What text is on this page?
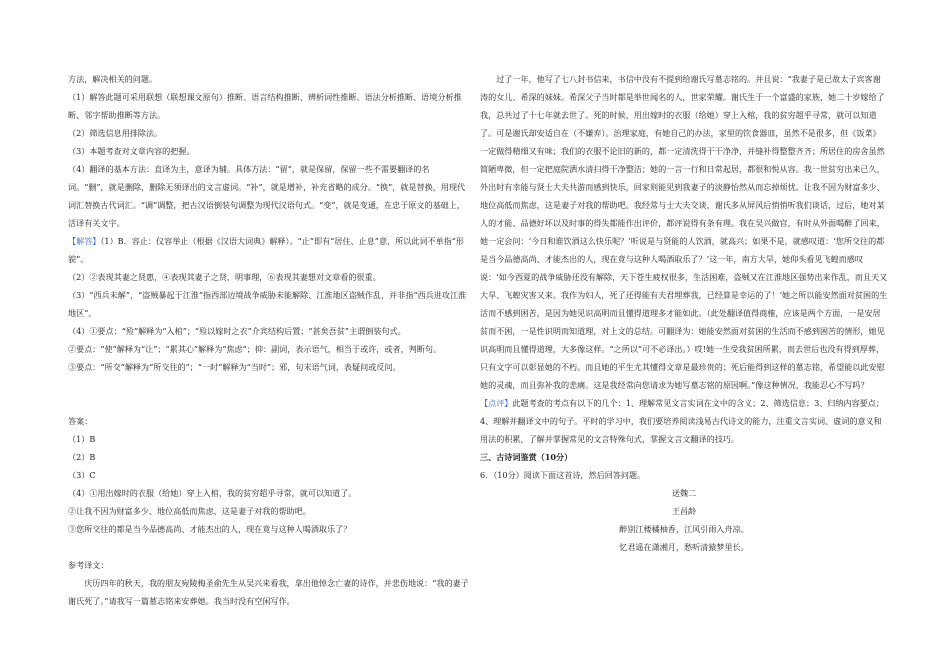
方法，解决相关的问题。

（1）解答此题可采用联想（联想课文原句）推断、语言结构推断、辨析词性推断、语法分析推断、语境分析推断、邻字帮助推断等方法。

（2）筛选信息用排除法。

（3）本题考查对文章内容的把握。

（4）翻译的基本方法：直译为主，意译为辅。具体方法：“留”，就是保留，保留一些不需要翻译的名词。“删”，就是删除，删除无须译出的文言虚词。“补”，就是增补，补充省略的成分。“换”，就是替换，用现代词汇替换古代词汇。“调”调整，把古汉语倒装句调整为现代汉语句式。“变”，就是变通，在忠于原文的基础上，活译有关文字。

【解答】（1）B．容止：仪容举止（根据《汉语大词典》解释）。“止”即有“居住、止息”意，所以此词不单指“形貌”。

（2）②表现其妻之贤惠，④表现其妻子之贤，明事理，⑥表现其妻想对文章看的很重。

（3）“西兵未解”，“盗贼暴起于江淮”指西部边境战争威胁未能解除、江淮地区盗贼作乱，并非指“西兵进攻江淮地区”。

（4）①要点：“殓”解释为“入棺”；“殓以嫁时之衣”介宾结构后置；“甚矣吾贫”主谓倒装句式。

②要点：“使”解释为“让”；“累其心”解释为“焦虑”；抑：副词，表示语气，相当于或许，或者，判断句。

③要点：“所交”解释为“所交往的”；“一时”解释为“当时”；邪，句末语气词，表疑问或反问。

答案：

（1）B

（2）B

（3）C

（4）①用出嫁时的衣服（给她）穿上入棺，我的贫穷超乎寻常，就可以知道了。

②让我不因为财富多少、地位高低而焦虑，这是妻子对我的帮助吧。

③您所交往的都是当今品德高尚、才能杰出的人，现在竟与这种人喝酒取乐了？

参考译文：

庆历四年的秋天，我的朋友宛陵梅圣俞先生从吴兴来看我，拿出他悼念亡妻的诗作，并悲伤地说：“我的妻子谢氏死了。”请我写一篇墓志铭来安葬她。我当时没有空闲写作。

过了一年，他写了七八封书信来，书信中没有不提到给谢氏写墓志铭的。并且说：“我妻子是已故太子宾客谢涛的女儿、希深的妹妹。希深父子当时都是举世闻名的人，世家荣耀。谢氏生于一个富盛的家族，她二十岁嫁给了我，总共过了十七年就去世了。死的时候，用出嫁时的衣服（给她）穿上入棺，我的贫穷超乎寻常，就可以知道了。可是谢氏却安适自在（不嫌弃）。治理家庭，有她自己的办法，家里的饮食器皿，虽然不是很多，但《饭菜》一定做得精细又有味；我们的衣服不论旧的新的，都一定清洗得干干净净，并缝补得整整齐齐；所居住的房舍虽然简陋卑微，但一定把庭院洒水清扫得干净整洁；她的一言一行和日常起居，都很和悦从容。我一世贫穷出来已久，外出时有幸能与贤士大夫共游而感到快乐，回家则能见到我妻子的淡静怡然从而忘掉烦忧。让我不因为财富多少、地位高低而焦虑，这是妻子对我的帮助吧。我经常与士大夫交谈，谢氏多从屏风后悄悄听我们谈话，过后，她对某人的才能、品德好坏以及时事的得失都能作出评价，都评说得有条有理。我在吴兴做官，有时从外面喝醉了回来，她一定会问：‘今日和谁饮酒这么快乐呢？’听说是与贤能的人饮酒，就高兴；如果不是，就感叹道：‘您所交往的都是当今品德高尚、才能杰出的人，现在竟与这种人喝酒取乐了？’这一年，南方大旱，她仰头看见飞蝗而感叹说：‘如今西夏的战争威胁还没有解除，天下苍生疲权很多，生活困难，盗贼又在江淮地区强势出来作乱，而且天又大旱、飞蝗灾害又来。我作为妇人，死了还得能有夫君埋葬我，已经算是幸运的了！’她之所以能安然面对贫困的生活而不感到困苦，是因为她见识高明而且懂得道理多才能如此。（此处翻译值得商榷，应该是两个方面，一是安居贫而不困，一是性识明而知道理，对上文的总结。可翻译为：她能安然面对贫困的生活而不感到困苦的情形，她见识高明而且懂得道理，大多像这样。“之所以”可不必译出。）哎!她一生受我贫困所累，而去世后也没有得到厚葬，只有文字可以彰显她的不朽。而且她的平生尤其懂得文章是最珍贵的；死后能得到这样的墓志铭，希望能以此安慰她的灵魂，而且弥补我的悲痛。这是我经常向您请求为她写墓志铭的原因啊。”像这种情况，我能忍心不写吗？

【点评】此题考查的考点有以下的几个：1、理解常见文言实词在文中的含义；2、筛选信息；3、归纳内容要点；4、理解并翻译文中的句子。平时的学习中，我们要培养阅读浅易古代诗文的能力，注重文言实词、虚词的意义和用法的积累，了解并掌握常见的文言特殊句式，掌握文言文翻译的技巧。

三、古诗词鉴赏（10分）

6．（10分）阅读下面这首诗，然后回答问题。

送魏二

王昌龄

醉别江楼橘柚香，江风引雨入舟凉。

忆君遥在潇湘月，愁听清猿梦里长。
